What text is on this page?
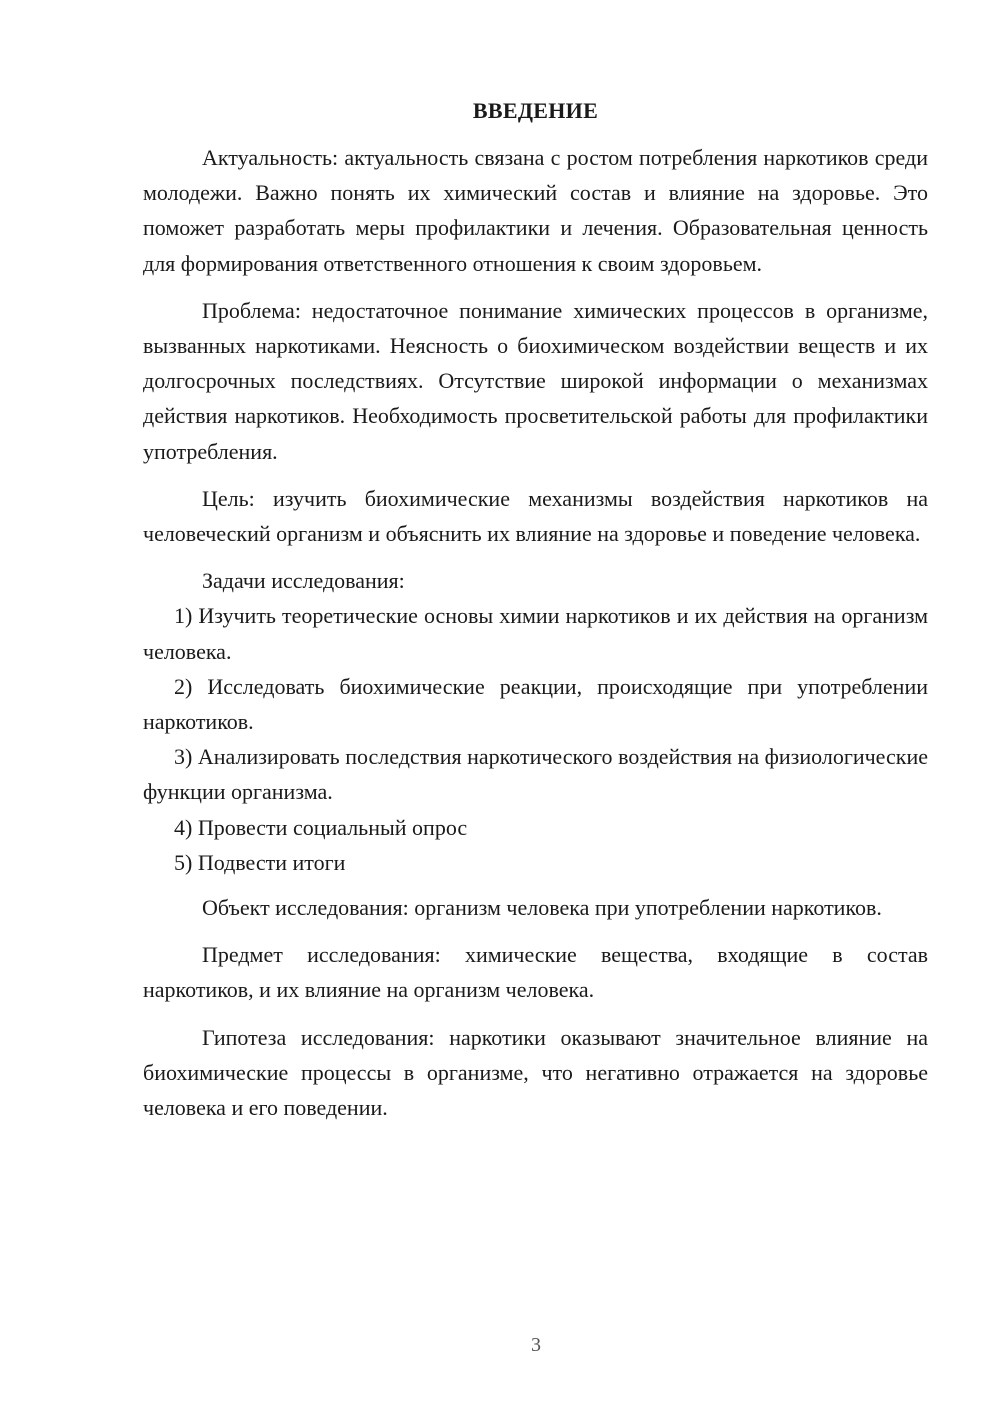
ВВЕДЕНИЕ

Актуальность: актуальность связана с ростом потребления наркотиков среди молодежи. Важно понять их химический состав и влияние на здоровье. Это поможет разработать меры профилактики и лечения. Образовательная ценность для формирования ответственного отношения к своим здоровьем.

Проблема: недостаточное понимание химических процессов в организме, вызванных наркотиками. Неясность о биохимическом воздействии веществ и их долгосрочных последствиях. Отсутствие широкой информации о механизмах действия наркотиков. Необходимость просветительской работы для профилактики употребления.

Цель: изучить биохимические механизмы воздействия наркотиков на человеческий организм и объяснить их влияние на здоровье и поведение человека.

Задачи исследования:

1) Изучить теоретические основы химии наркотиков и их действия на организм человека.

2) Исследовать биохимические реакции, происходящие при употреблении наркотиков.

3) Анализировать последствия наркотического воздействия на физиологические функции организма.

4) Провести социальный опрос

5) Подвести итоги

Объект исследования: организм человека при употреблении наркотиков.

Предмет исследования: химические вещества, входящие в состав наркотиков, и их влияние на организм человека.

Гипотеза исследования: наркотики оказывают значительное влияние на биохимические процессы в организме, что негативно отражается на здоровье человека и его поведении.

3
